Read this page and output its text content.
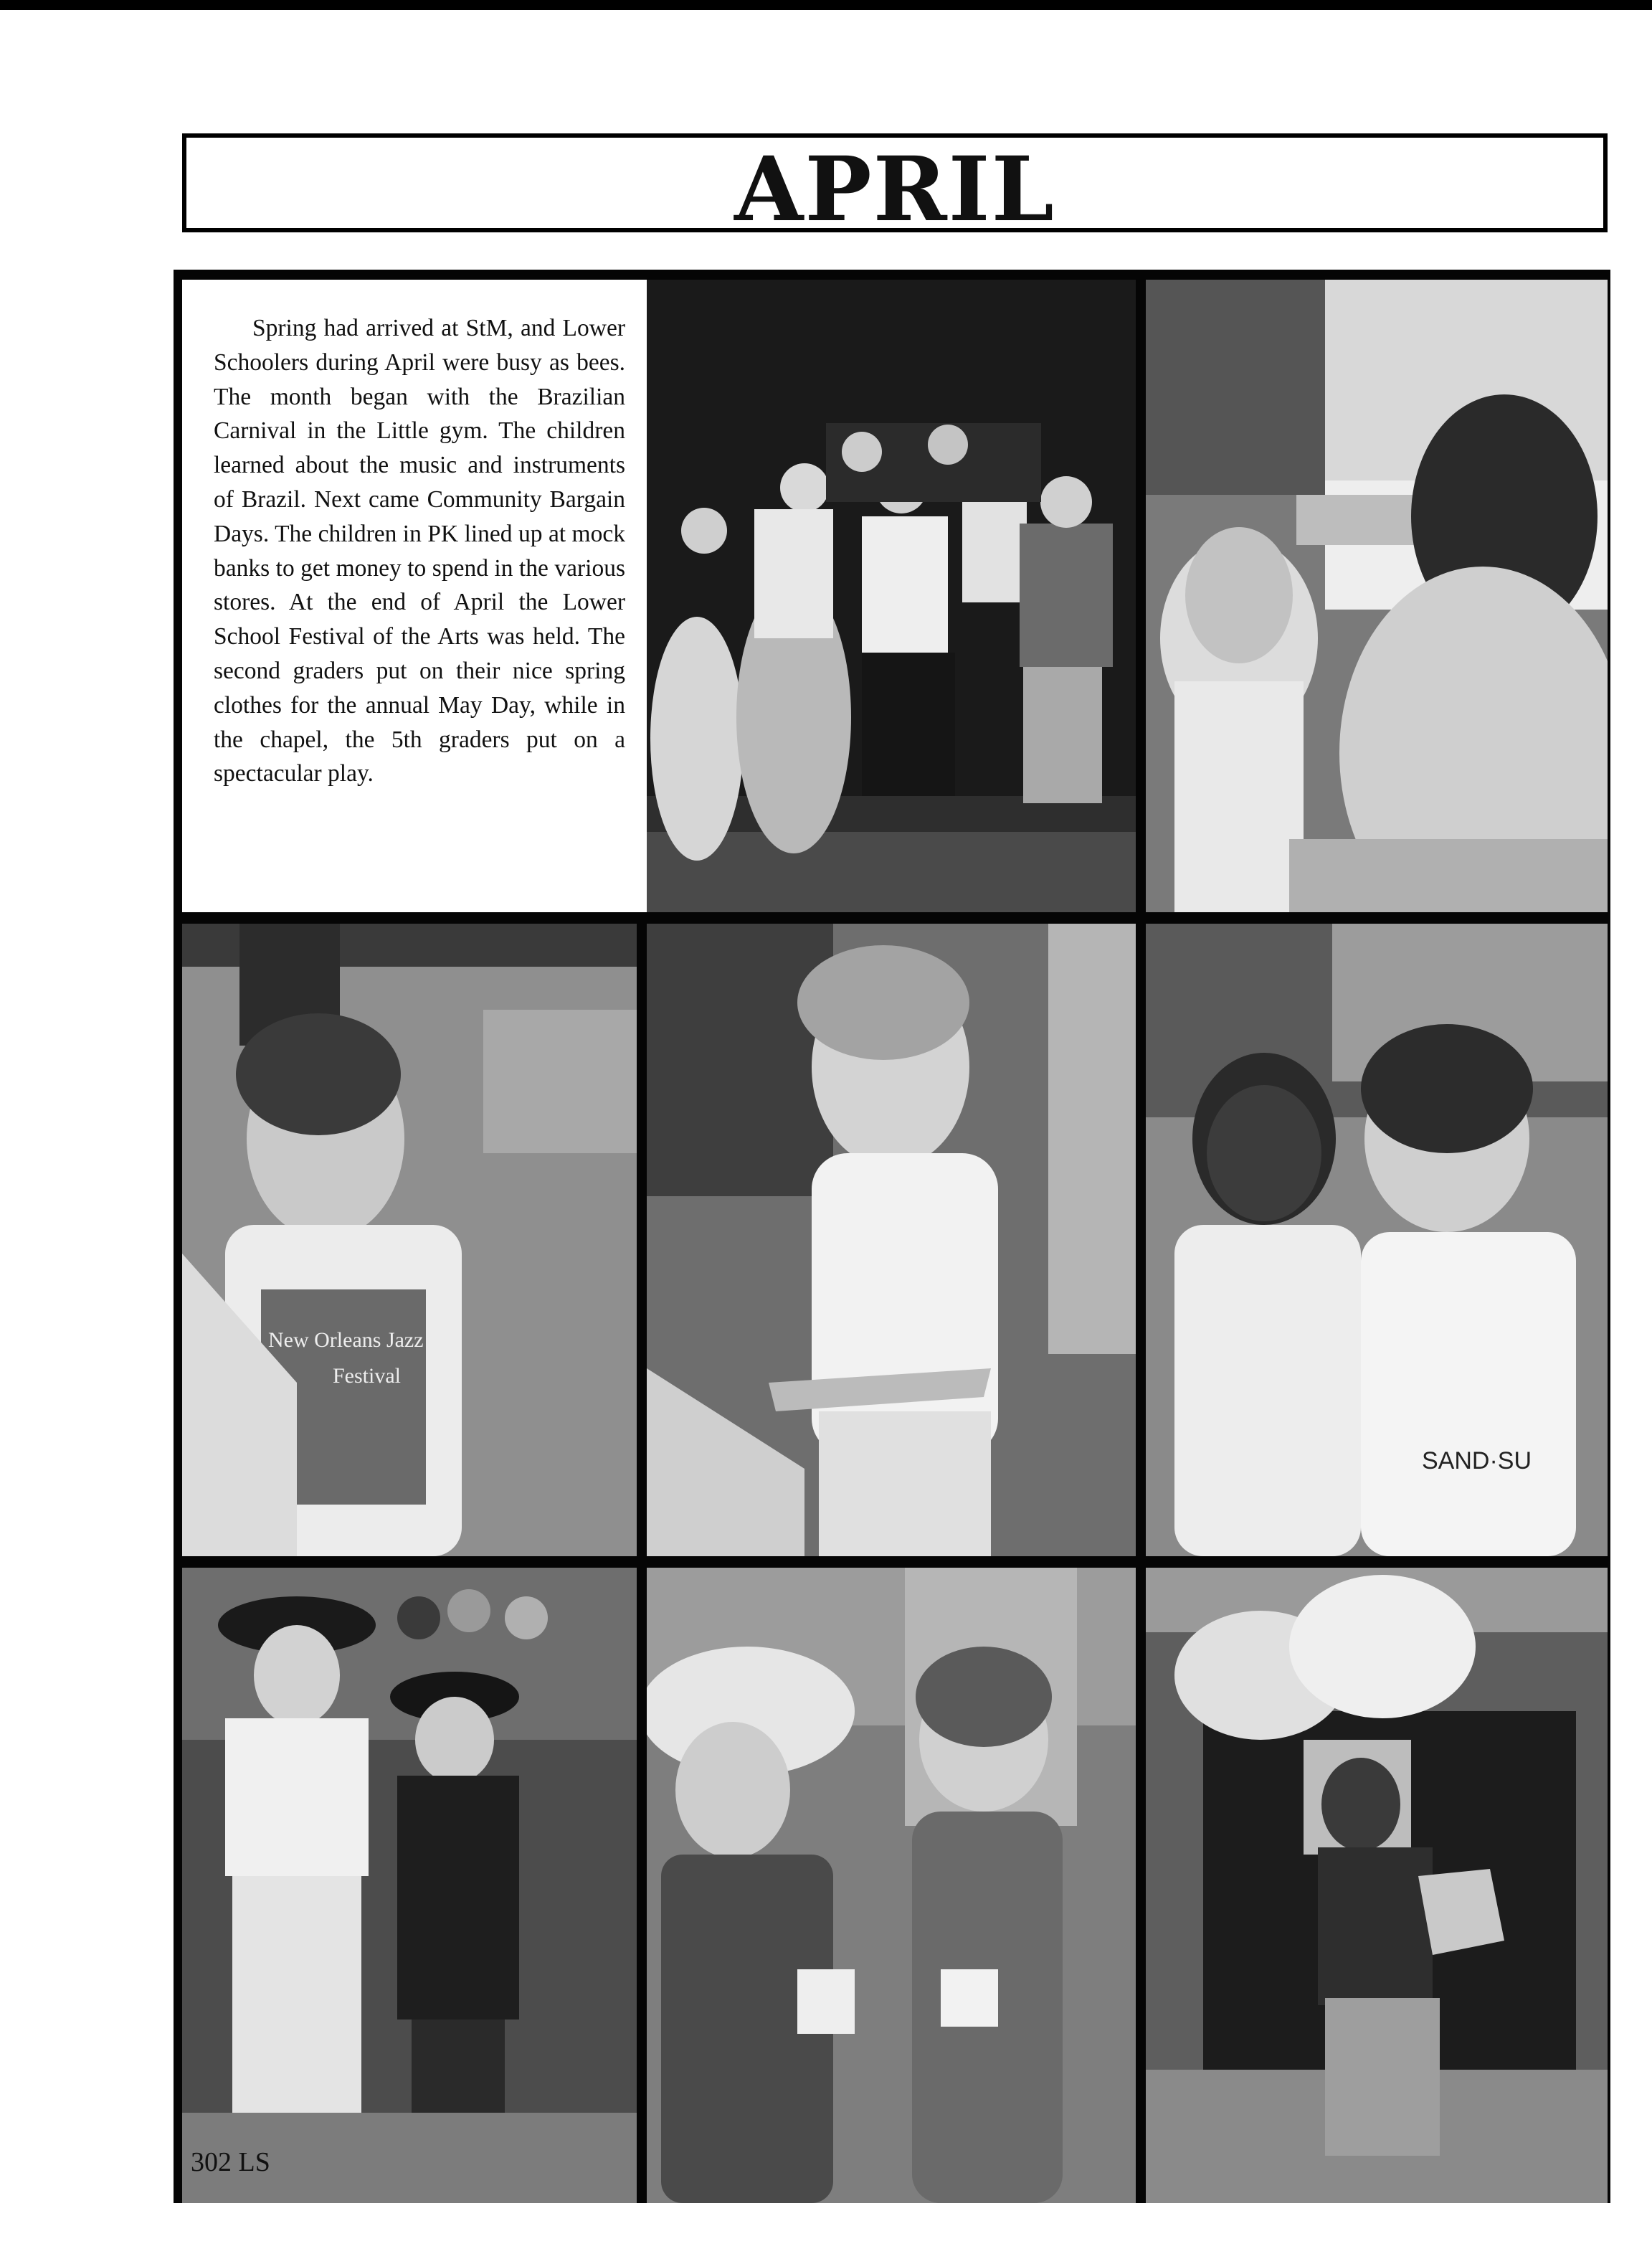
APRIL

Spring had arrived at StM, and Lower Schoolers during April were busy as bees. The month began with the Brazilian Carnival in the Little gym. The children learned about the music and instruments of Brazil. Next came Community Bargain Days. The children in PK lined up at mock banks to get money to spend in the various stores. At the end of April the Lower School Festival of the Arts was held. The second graders put on their nice spring clothes for the annual May Day, while in the chapel, the 5th graders put on a spectacular play.

New Orleans Jazz
Festival
SAND·SU
302 LS
